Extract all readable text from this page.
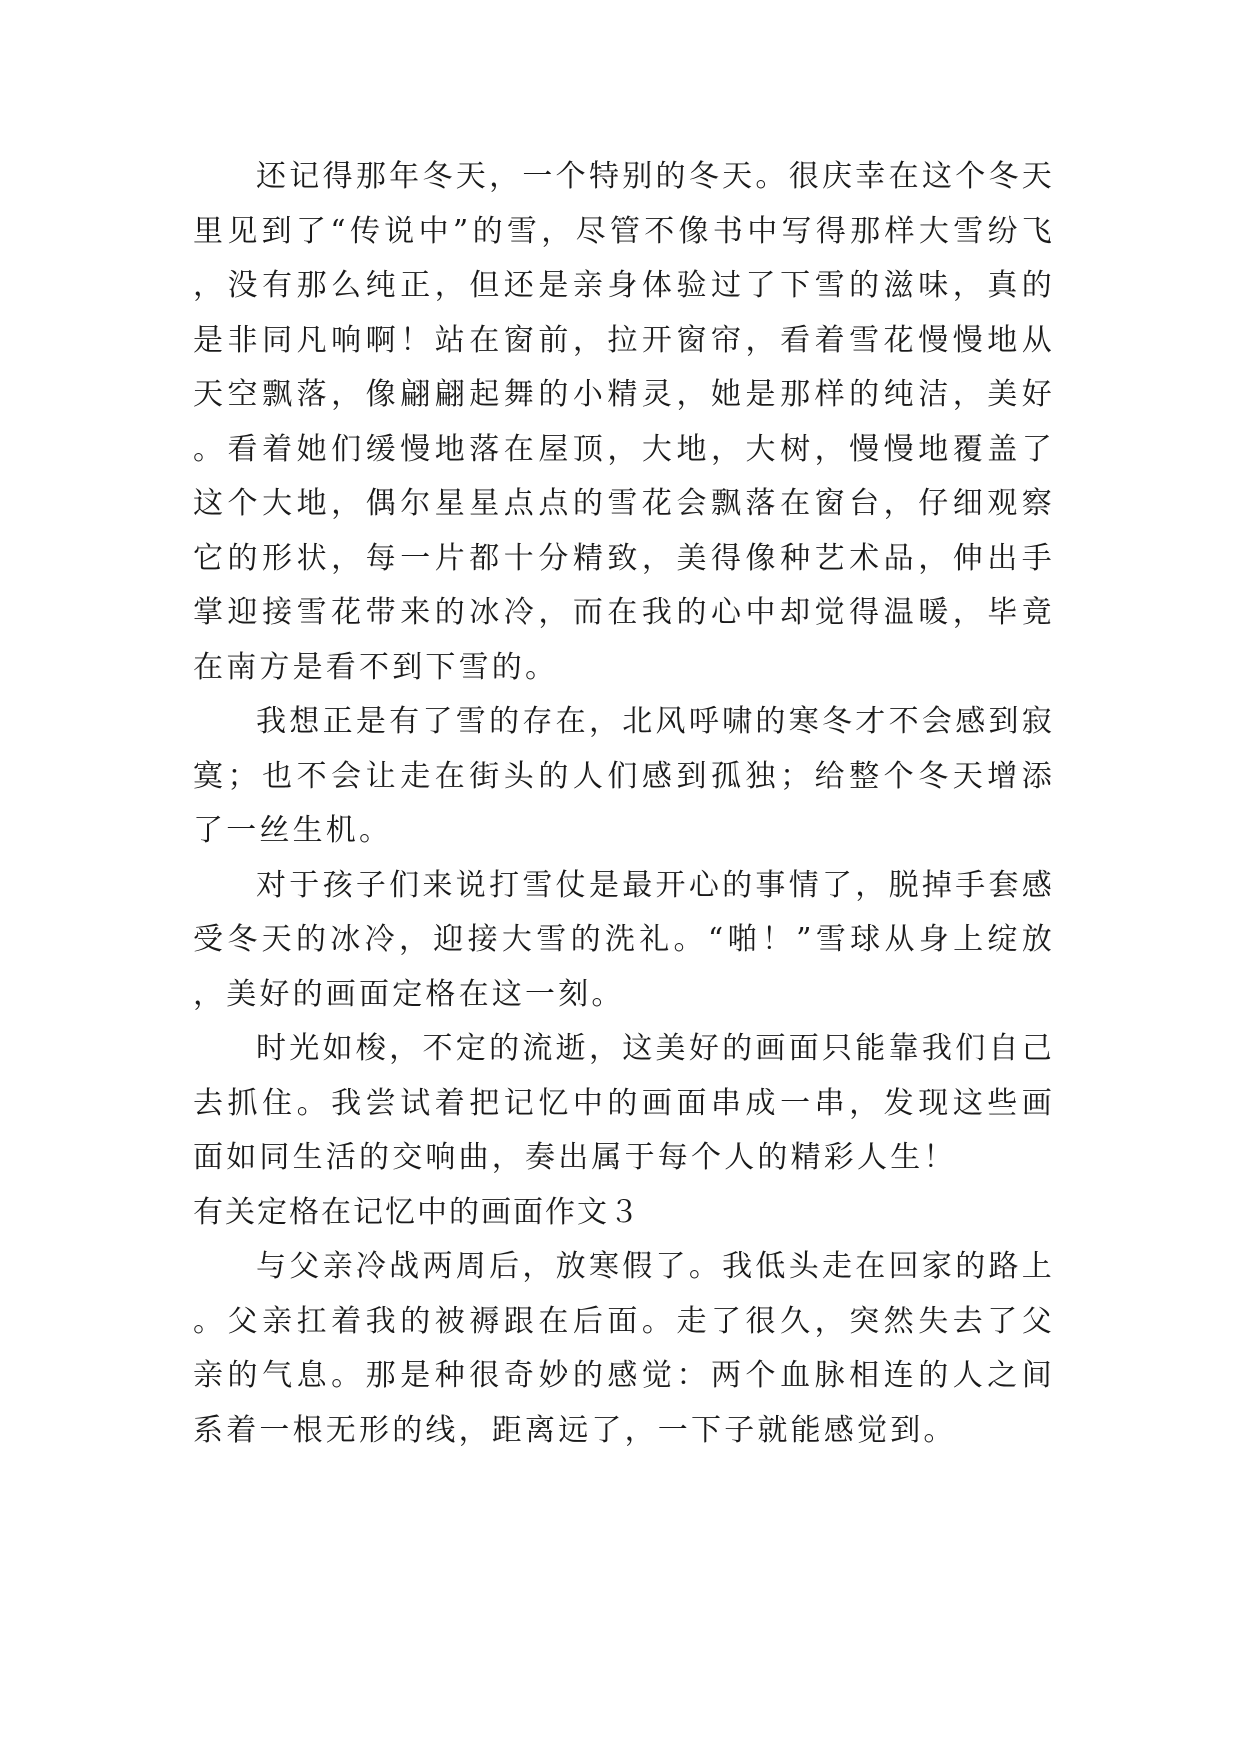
还记得那年冬天，一个特别的冬天。很庆幸在这个冬天里见到了“传说中”的雪，尽管不像书中写得那样大雪纷飞，没有那么纯正，但还是亲身体验过了下雪的滋味，真的是非同凡响啊！站在窗前，拉开窗帘，看着雪花慢慢地从天空飘落，像翩翩起舞的小精灵，她是那样的纯洁，美好。看着她们缓慢地落在屋顶，大地，大树，慢慢地覆盖了这个大地，偶尔星星点点的雪花会飘落在窗台，仔细观察它的形状，每一片都十分精致，美得像种艺术品，伸出手掌迎接雪花带来的冰冷，而在我的心中却觉得温暖，毕竟在南方是看不到下雪的。

我想正是有了雪的存在，北风呼啸的寒冬才不会感到寂寞；也不会让走在街头的人们感到孤独；给整个冬天增添了一丝生机。

对于孩子们来说打雪仗是最开心的事情了，脱掉手套感受冬天的冰冷，迎接大雪的洗礼。“啪！”雪球从身上绽放，美好的画面定格在这一刻。

时光如梭，不定的流逝，这美好的画面只能靠我们自己去抓住。我尝试着把记忆中的画面串成一串，发现这些画面如同生活的交响曲，奏出属于每个人的精彩人生！

有关定格在记忆中的画面作文３

与父亲冷战两周后，放寒假了。我低头走在回家的路上。父亲扛着我的被褥跟在后面。走了很久，突然失去了父亲的气息。那是种很奇妙的感觉：两个血脉相连的人之间系着一根无形的线，距离远了，一下子就能感觉到。
